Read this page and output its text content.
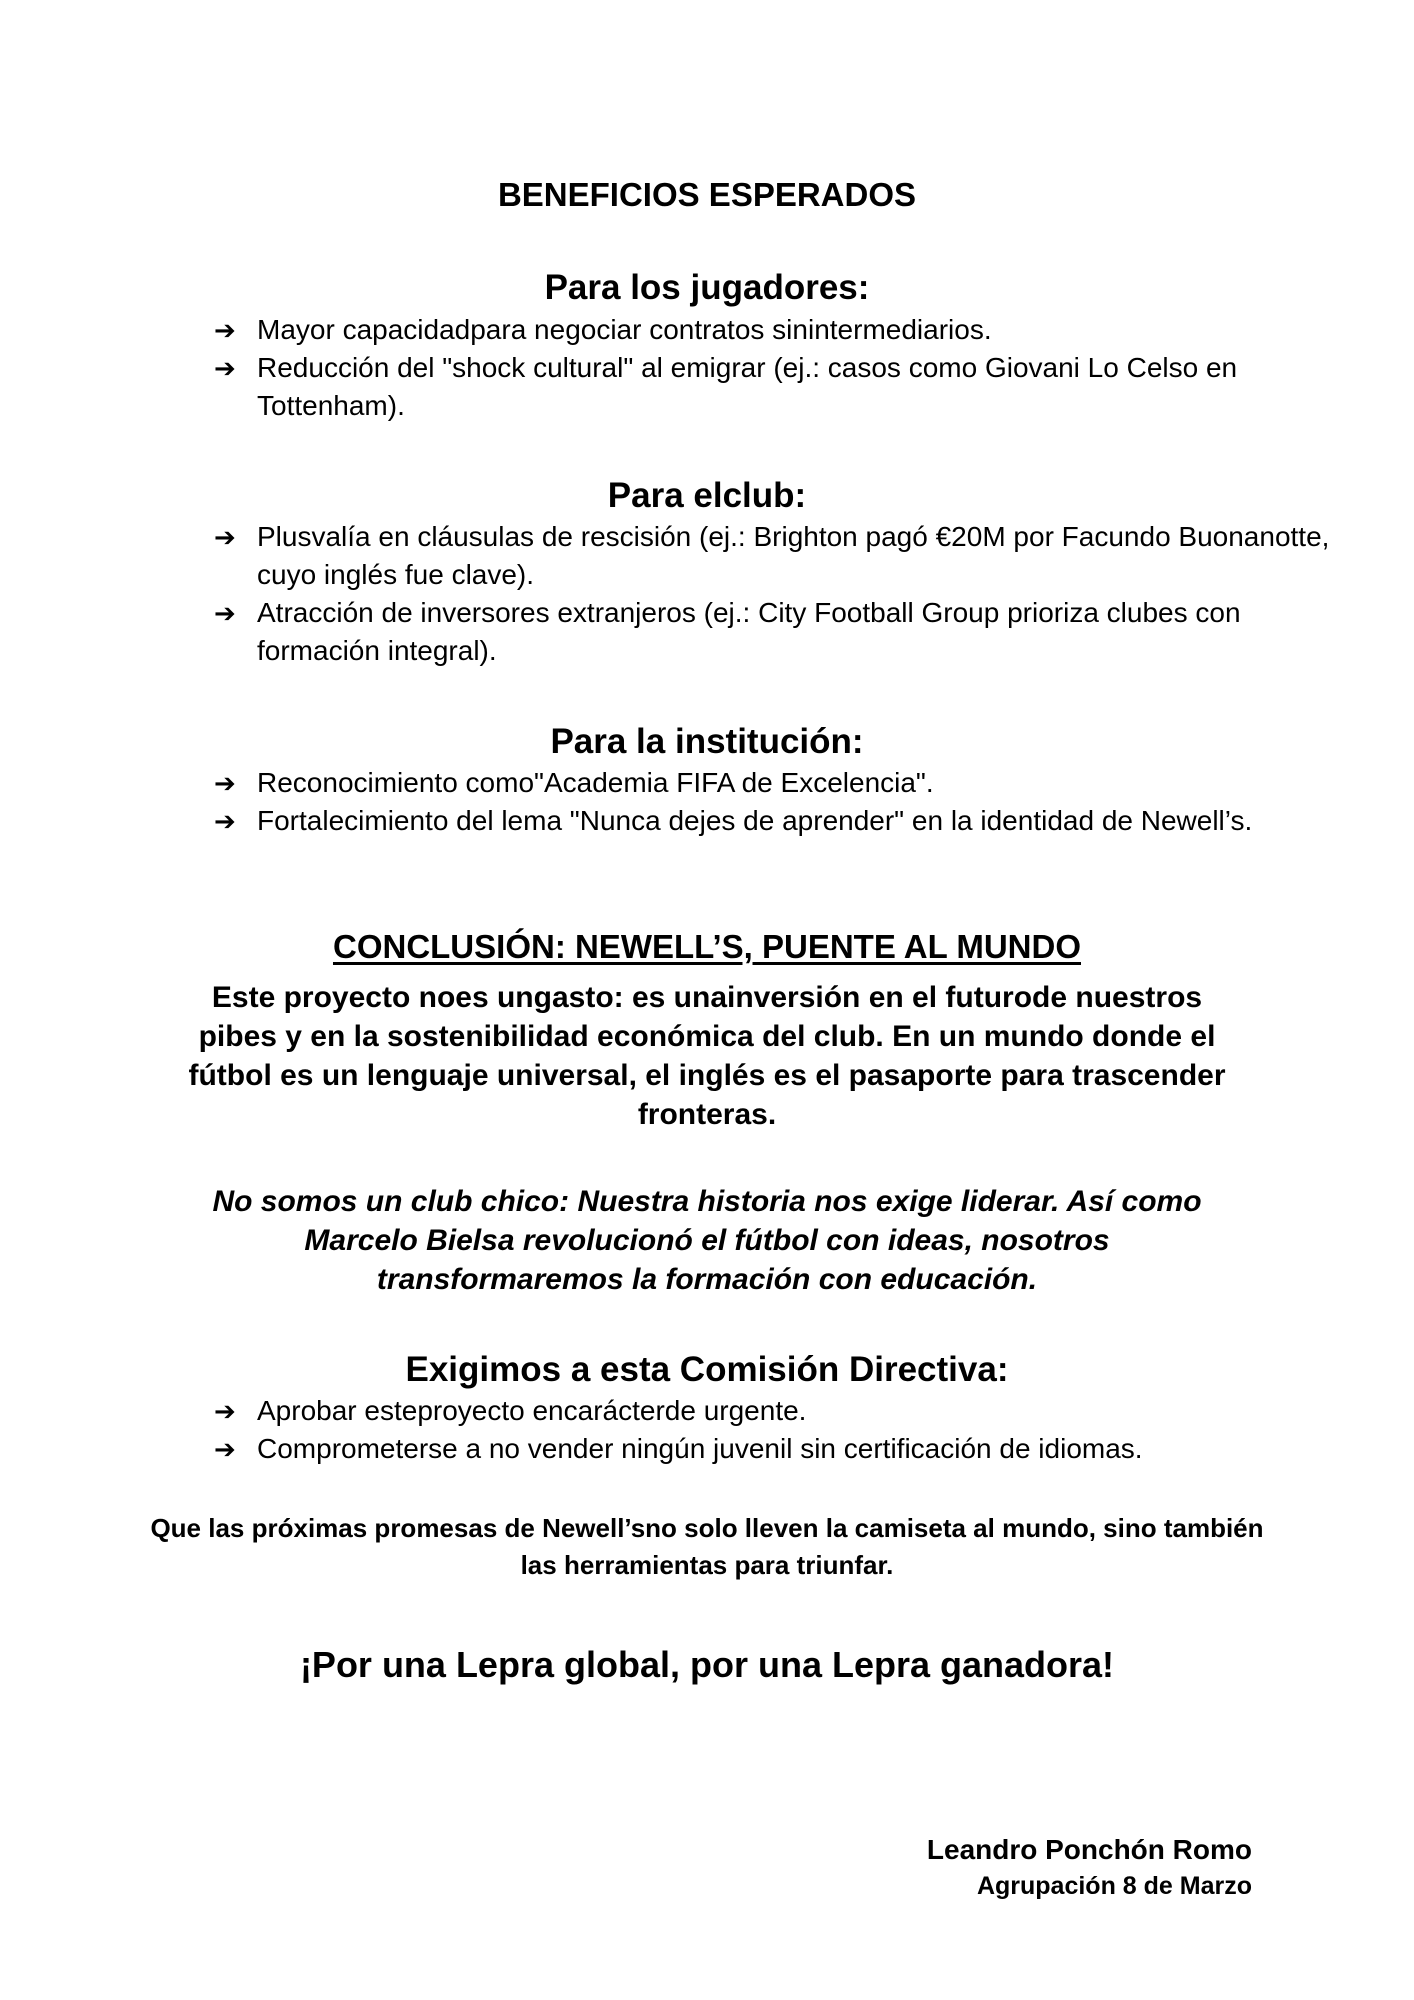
BENEFICIOS ESPERADOS
Para los jugadores:
➔ Mayor capacidadpara negociar contratos sinintermediarios.
➔ Reducción del "shock cultural" al emigrar (ej.: casos como Giovani Lo Celso en Tottenham).
Para elclub:
➔ Plusvalía en cláusulas de rescisión (ej.: Brighton pagó €20M por Facundo Buonanotte, cuyo inglés fue clave).
➔ Atracción de inversores extranjeros (ej.: City Football Group prioriza clubes con formación integral).
Para la institución:
➔ Reconocimiento como"Academia FIFA de Excelencia".
➔ Fortalecimiento del lema "Nunca dejes de aprender" en la identidad de Newell’s.
CONCLUSIÓN: NEWELL’S, PUENTE AL MUNDO
Este proyecto noes ungasto: es unainversión en el futurode nuestros pibes y en la sostenibilidad económica del club. En un mundo donde el fútbol es un lenguaje universal, el inglés es el pasaporte para trascender fronteras.
No somos un club chico: Nuestra historia nos exige liderar. Así como Marcelo Bielsa revolucionó el fútbol con ideas, nosotros transformaremos la formación con educación.
Exigimos a esta Comisión Directiva:
➔ Aprobar esteproyecto encarácterde urgente.
➔ Comprometerse a no vender ningún juvenil sin certificación de idiomas.
Que las próximas promesas de Newell’sno solo lleven la camiseta al mundo, sino también las herramientas para triunfar.
¡Por una Lepra global, por una Lepra ganadora!
Leandro Ponchón Romo
Agrupación 8 de Marzo
